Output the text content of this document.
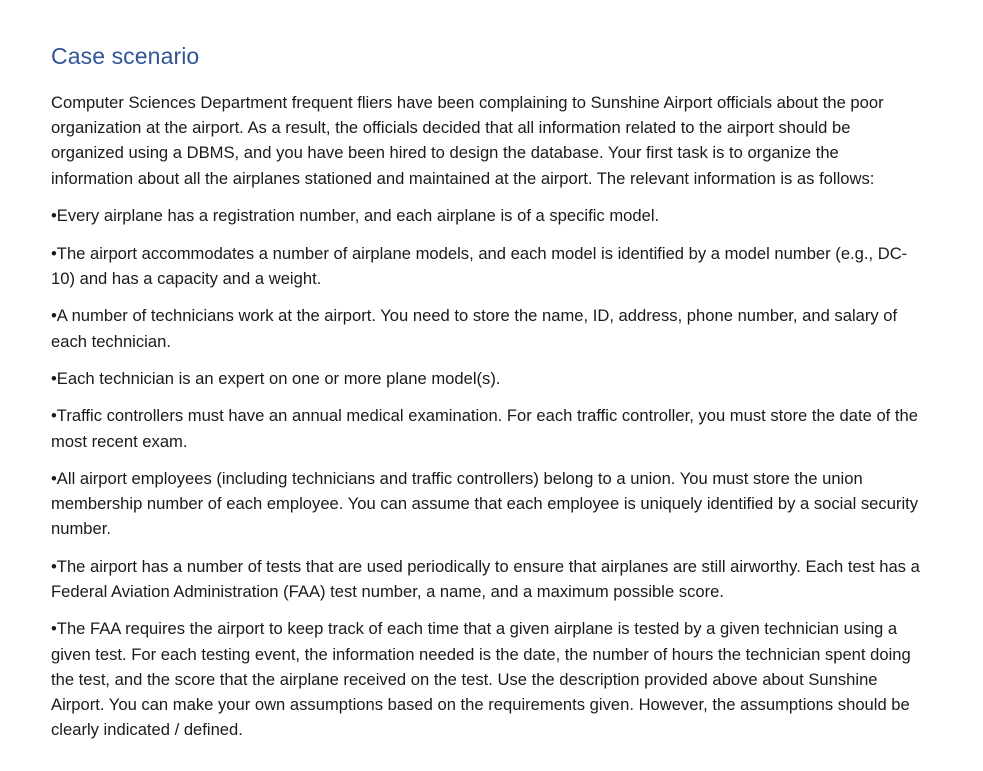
Case scenario

Computer Sciences Department frequent fliers have been complaining to Sunshine Airport officials about the poor organization at the airport. As a result, the officials decided that all information related to the airport should be organized using a DBMS, and you have been hired to design the database. Your first task is to organize the information about all the airplanes stationed and maintained at the airport. The relevant information is as follows:

•Every airplane has a registration number, and each airplane is of a specific model.

•The airport accommodates a number of airplane models, and each model is identified by a model number (e.g., DC-10) and has a capacity and a weight.

•A number of technicians work at the airport. You need to store the name, ID, address, phone number, and salary of each technician.

•Each technician is an expert on one or more plane model(s).

•Traffic controllers must have an annual medical examination. For each traffic controller, you must store the date of the most recent exam.

•All airport employees (including technicians and traffic controllers) belong to a union. You must store the union membership number of each employee. You can assume that each employee is uniquely identified by a social security number.

•The airport has a number of tests that are used periodically to ensure that airplanes are still airworthy. Each test has a Federal Aviation Administration (FAA) test number, a name, and a maximum possible score.

•The FAA requires the airport to keep track of each time that a given airplane is tested by a given technician using a given test. For each testing event, the information needed is the date, the number of hours the technician spent doing the test, and the score that the airplane received on the test. Use the description provided above about Sunshine Airport. You can make your own assumptions based on the requirements given. However, the assumptions should be clearly indicated / defined.
